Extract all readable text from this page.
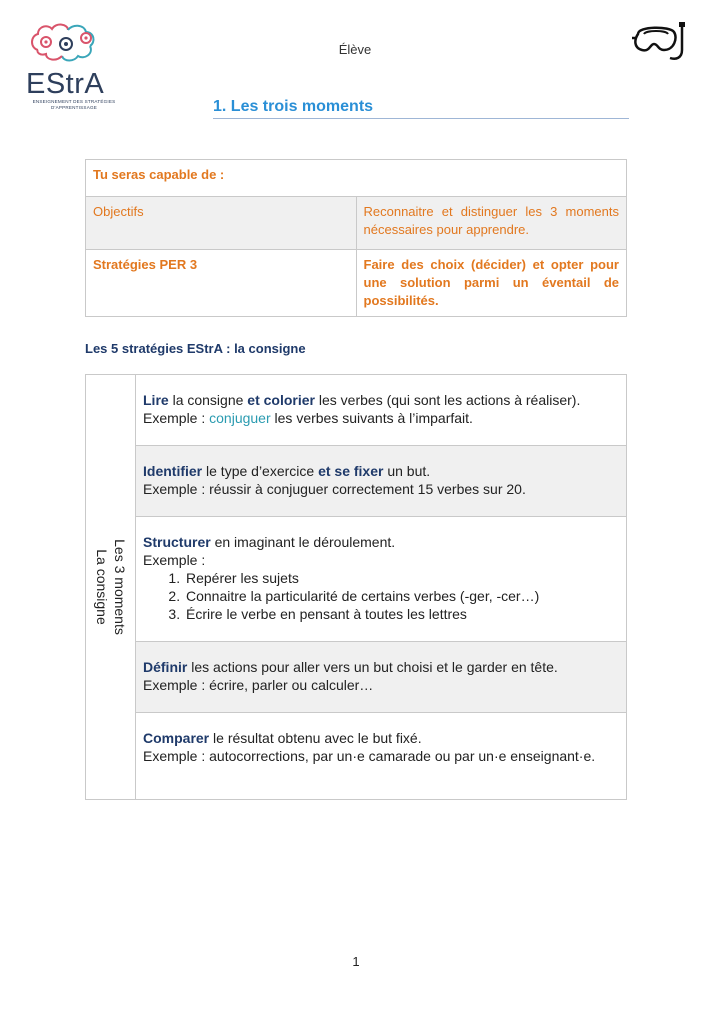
EStrA
ENSEIGNEMENT DES STRATÉGIES D'APPRENTISSAGE
Élève
1. Les trois moments
Tu seras capable de :	
Objectifs	Reconnaitre et distinguer les 3 moments nécessaires pour apprendre.
Stratégies PER 3	Faire des choix (décider) et opter pour une solution parmi un éventail de possibilités.
Les 5 stratégies EStrA : la consigne
Les 3 moments
La consigne
Lire la consigne et colorier les verbes (qui sont les actions à réaliser).
Exemple : conjuguer les verbes suivants à l’imparfait.
Identifier le type d’exercice et se fixer un but.
Exemple : réussir à conjuguer correctement 15 verbes sur 20.
Structurer en imaginant le déroulement.
Exemple :
1. Repérer les sujets
2. Connaitre la particularité de certains verbes (-ger, -cer…)
3. Écrire le verbe en pensant à toutes les lettres
Définir les actions pour aller vers un but choisi et le garder en tête.
Exemple : écrire, parler ou calculer…
Comparer le résultat obtenu avec le but fixé.
Exemple : autocorrections, par un·e camarade ou par un·e enseignant·e.
1
